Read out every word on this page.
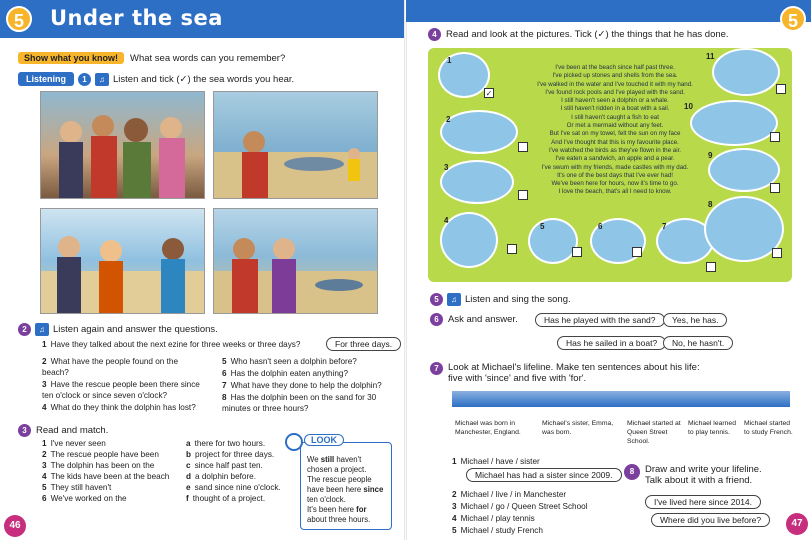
5	Under the sea
Show what you know!	What sea words can you remember?
Listening	1	♫ Listen and tick (✓) the sea words you hear.
2	♫ Listen again and answer the questions.
1 Have they talked about the next ezine for three weeks or three days?	For three days.
2 What have the people found on the beach?
3 Have the rescue people been there since ten o'clock or since seven o'clock?
4 What do they think the dolphin has lost?
5 Who hasn't seen a dolphin before?
6 Has the dolphin eaten anything?
7 What have they done to help the dolphin?
8 Has the dolphin been on the sand for 30 minutes or three hours?
3 Read and match.
1 I've never seen
2 The rescue people have been
3 The dolphin has been on the
4 The kids have been at the beach
5 They still haven't
6 We've worked on the
a there for two hours.
b project for three days.
c since half past ten.
d a dolphin before.
e sand since nine o'clock.
f thought of a project.
We still haven't
chosen a project.
The rescue people
have been here since
ten o'clock.
It's been here for
about three hours.
LOOK
46
5
4 Read and look at the pictures. Tick (✓) the things that he has done.
I've been at the beach since half past three.
I've picked up stones and shells from the sea.
I've walked in the water and I've touched it with my hand.
I've found rock pools and I've played with the sand.
I still haven't seen a dolphin or a whale.
I still haven't ridden in a boat with a sail.
I still haven't caught a fish to eat
Or met a mermaid without any feet.
But I've sat on my towel, felt the sun on my face
And I've thought that this is my favourite place.
I've watched the birds as they've flown in the air.
I've eaten a sandwich, an apple and a pear.
I've swum with my friends, made castles with my dad.
It's one of the best days that I've ever had!
We've been here for hours, now it's time to go.
I love the beach, that's all I need to know.
1
✓
2
3
4
5	6	7
8
9
10
11
5	♫ Listen and sing the song.
6 Ask and answer.	Has he played with the sand?	Yes, he has.
Has he sailed in a boat?	No, he hasn't.
7 Look at Michael's lifeline. Make ten sentences about his life:
five with 'since' and five with 'for'.
2006	2009	2012	2014	2015
Michael was born in Manchester, England.
Michael's sister, Emma, was born.
Michael started at Queen Street School.
Michael learned to play tennis.
Michael started to study French.
1 Michael / have / sister
Michael has had a sister since 2009.
2 Michael / live / in Manchester
3 Michael / go / Queen Street School
4 Michael / play tennis
5 Michael / study French
8	Draw and write your lifeline.
Talk about it with a friend.
I've lived here since 2014.
Where did you live before?	47
